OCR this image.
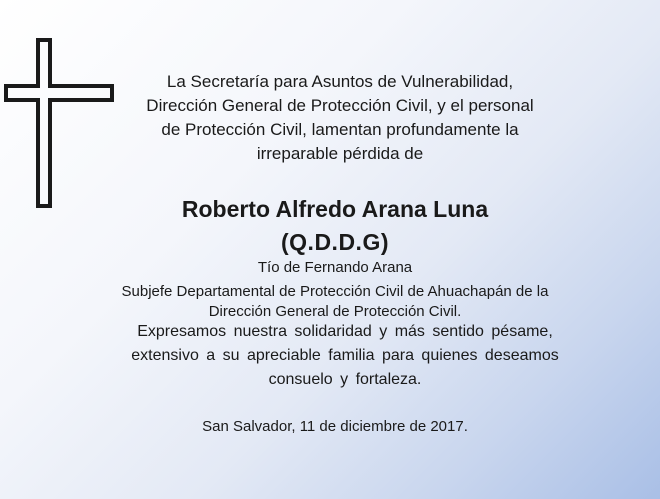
La Secretaría para Asuntos de Vulnerabilidad,
Dirección General de Protección Civil, y el personal
de Protección Civil, lamentan profundamente la
irreparable pérdida de
Roberto Alfredo Arana Luna
(Q.D.D.G)
Tío de Fernando Arana
Subjefe Departamental de Protección Civil de Ahuachapán de la
Dirección General de Protección Civil.
Expresamos nuestra solidaridad y más sentido pésame,
extensivo a su apreciable familia para quienes deseamos
consuelo y fortaleza.
San Salvador, 11 de diciembre de 2017.
